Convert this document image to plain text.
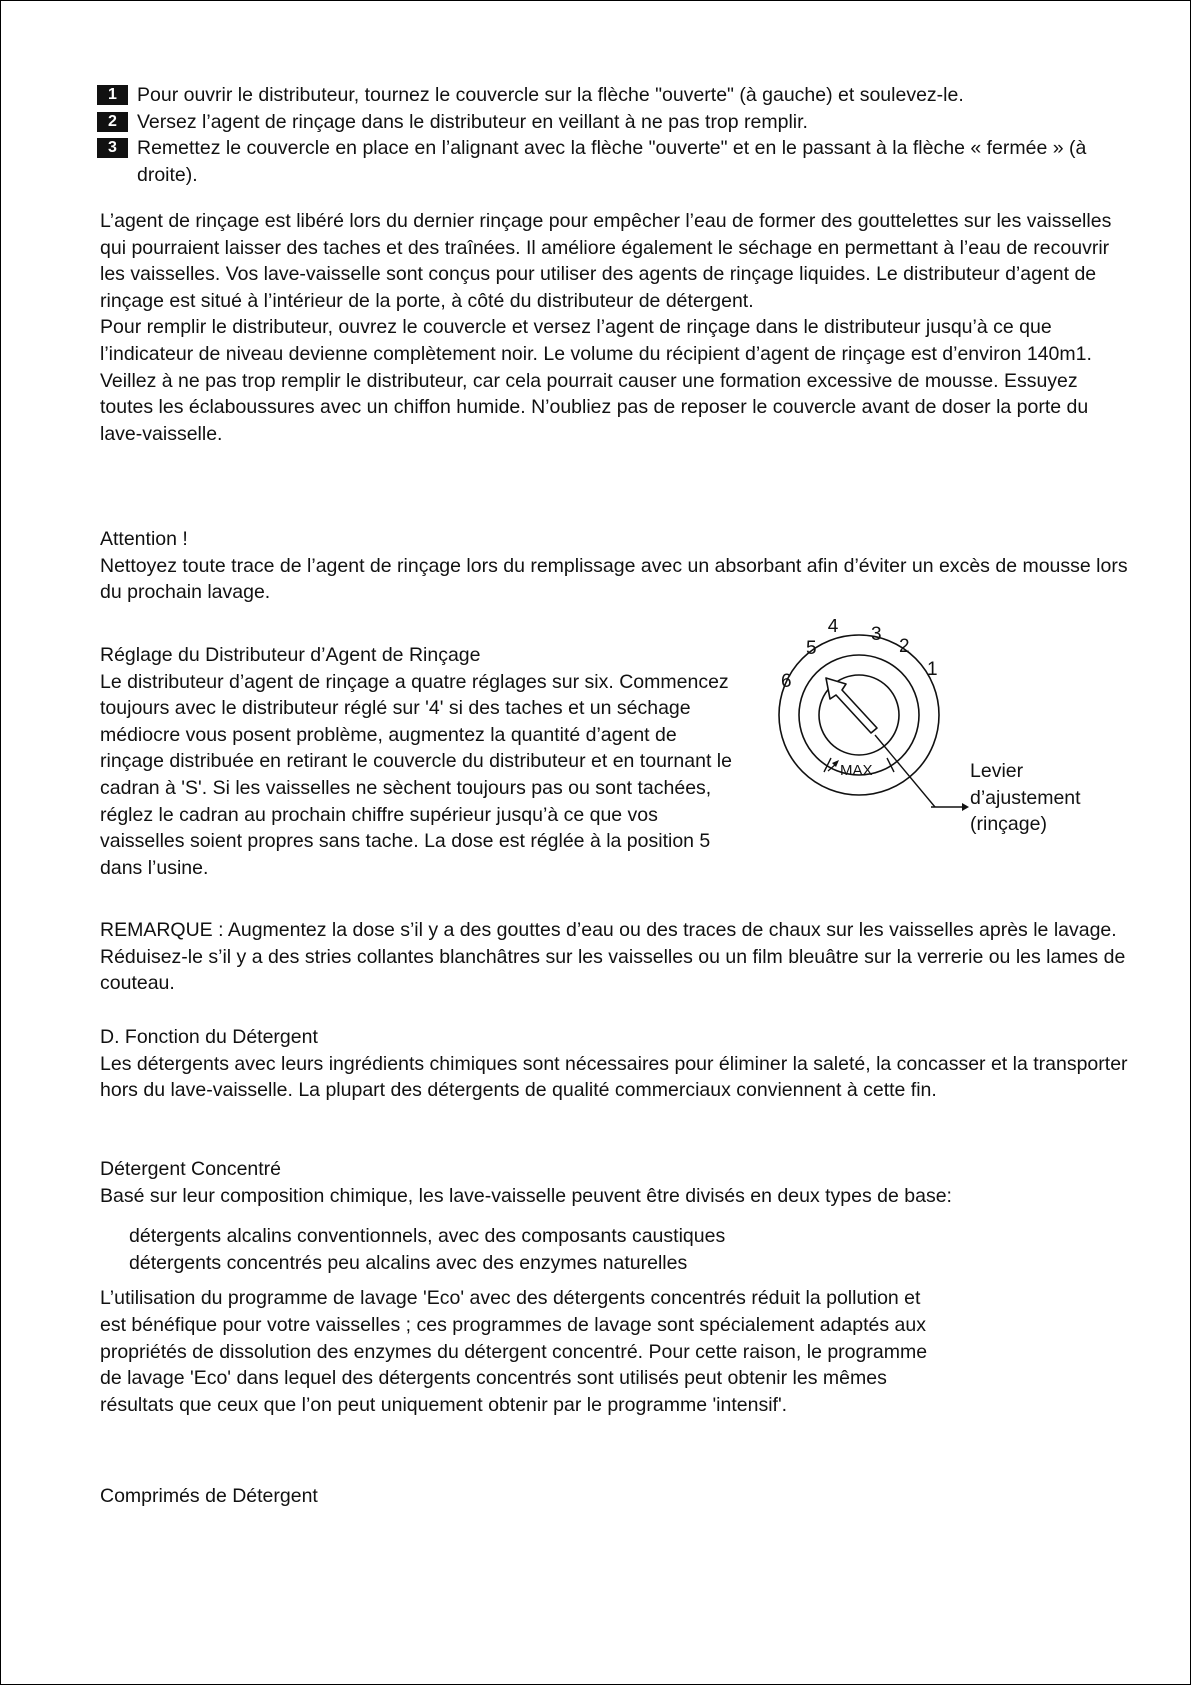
1	Pour ouvrir le distributeur, tournez le couvercle sur la flèche "ouverte" (à gauche) et soulevez-le.
2	Versez l’agent de rinçage dans le distributeur en veillant à ne pas trop remplir.
3	Remettez le couvercle en place en l’alignant avec la flèche "ouverte" et en le passant à la flèche « fermée » (à droite).

L’agent de rinçage est libéré lors du dernier rinçage pour empêcher l’eau de former des gouttelettes sur les vaisselles qui pourraient laisser des taches et des traînées. Il améliore également le séchage en permettant à l’eau de recouvrir les vaisselles. Vos lave-vaisselle sont conçus pour utiliser des agents de rinçage liquides. Le distributeur d’agent de rinçage est situé à l’intérieur de la porte, à côté du distributeur de détergent.

Pour remplir le distributeur, ouvrez le couvercle et versez l’agent de rinçage dans le distributeur jusqu’à ce que l’indicateur de niveau devienne complètement noir. Le volume du récipient d’agent de rinçage est d’environ 140m1.

Veillez à ne pas trop remplir le distributeur, car cela pourrait causer une formation excessive de mousse. Essuyez toutes les éclaboussures avec un chiffon humide. N’oubliez pas de reposer le couvercle avant de doser la porte du lave-vaisselle.

Attention !

Nettoyez toute trace de l’agent de rinçage lors du remplissage avec un absorbant afin d’éviter un excès de mousse lors du prochain lavage.

Réglage du Distributeur d’Agent de Rinçage

Le distributeur d’agent de rinçage a quatre réglages sur six. Commencez toujours avec le distributeur réglé sur '4' si des taches et un séchage médiocre vous posent problème, augmentez la quantité d’agent de rinçage distribuée en retirant le couvercle du distributeur et en tournant le cadran à 'S'. Si les vaisselles ne sèchent toujours pas ou sont tachées, réglez le cadran au prochain chiffre supérieur jusqu’à ce que vos vaisselles soient propres sans tache. La dose est réglée à la position 5 dans l’usine.

MAX
1
2
3
4
5
6
Levier
d’ajustement
(rinçage)

REMARQUE : Augmentez la dose s’il y a des gouttes d’eau ou des traces de chaux sur les vaisselles après le lavage. Réduisez-le s’il y a des stries collantes blanchâtres sur les vaisselles ou un film bleuâtre sur la verrerie ou les lames de couteau.

D. Fonction du Détergent

Les détergents avec leurs ingrédients chimiques sont nécessaires pour éliminer la saleté, la concasser et la transporter hors du lave-vaisselle. La plupart des détergents de qualité commerciaux conviennent à cette fin.

Détergent Concentré

Basé sur leur composition chimique, les lave-vaisselle peuvent être divisés en deux types de base:

détergents alcalins conventionnels, avec des composants caustiques

détergents concentrés peu alcalins avec des enzymes naturelles

L’utilisation du programme de lavage 'Eco' avec des détergents concentrés réduit la pollution et est bénéfique pour votre vaisselles ; ces programmes de lavage sont spécialement adaptés aux propriétés de dissolution des enzymes du détergent concentré. Pour cette raison, le programme de lavage 'Eco' dans lequel des détergents concentrés sont utilisés peut obtenir les mêmes résultats que ceux que l’on peut uniquement obtenir par le programme 'intensif'.

Comprimés de Détergent
